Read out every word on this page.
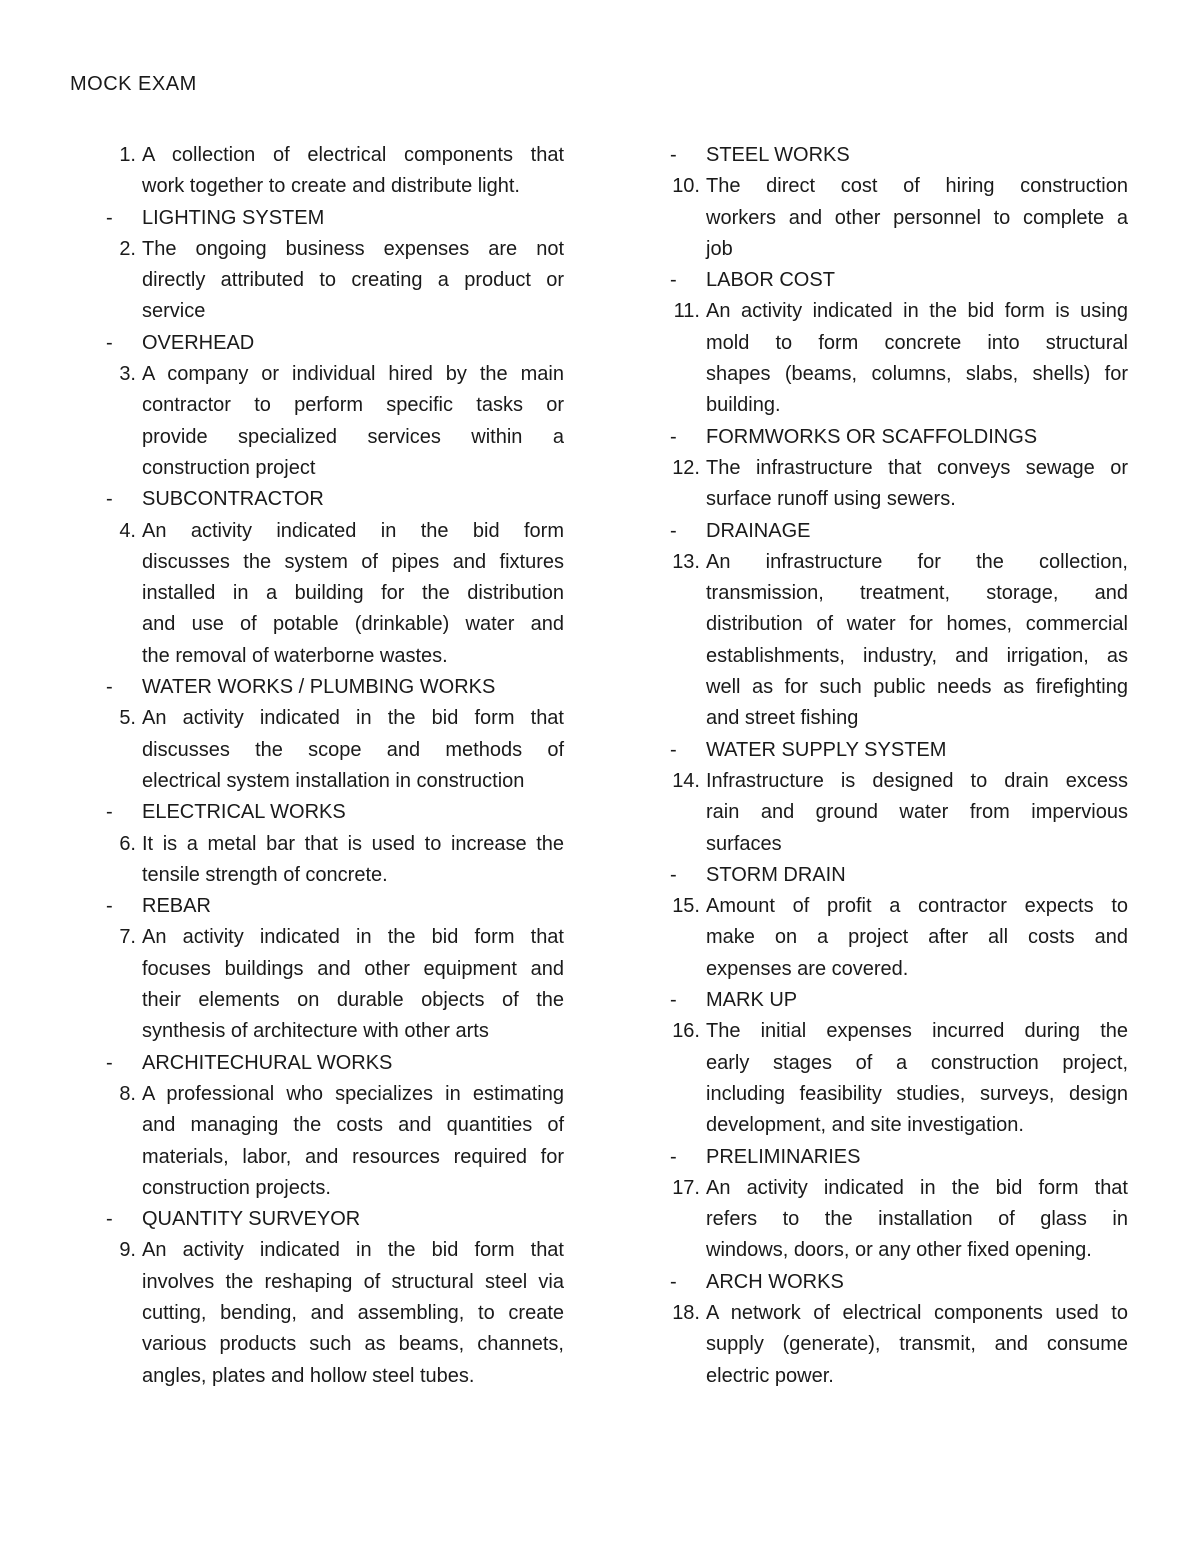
MOCK EXAM
1. A collection of electrical components that
work together to create and distribute light.
- LIGHTING SYSTEM
2. The ongoing business expenses are not
directly attributed to creating a product or
service
- OVERHEAD
3. A company or individual hired by the main
contractor to perform specific tasks or
provide specialized services within a
construction project
- SUBCONTRACTOR
4. An activity indicated in the bid form
discusses the system of pipes and fixtures
installed in a building for the distribution
and use of potable (drinkable) water and
the removal of waterborne wastes.
- WATER WORKS / PLUMBING WORKS
5. An activity indicated in the bid form that
discusses the scope and methods of
electrical system installation in construction
- ELECTRICAL WORKS
6. It is a metal bar that is used to increase the
tensile strength of concrete.
- REBAR
7. An activity indicated in the bid form that
focuses buildings and other equipment and
their elements on durable objects of the
synthesis of architecture with other arts
- ARCHITECHURAL WORKS
8. A professional who specializes in estimating
and managing the costs and quantities of
materials, labor, and resources required for
construction projects.
- QUANTITY SURVEYOR
9. An activity indicated in the bid form that
involves the reshaping of structural steel via
cutting, bending, and assembling, to create
various products such as beams, channets,
angles, plates and hollow steel tubes.
- STEEL WORKS
10. The direct cost of hiring construction
workers and other personnel to complete a
job
- LABOR COST
11. An activity indicated in the bid form is using
mold to form concrete into structural
shapes (beams, columns, slabs, shells) for
building.
- FORMWORKS OR SCAFFOLDINGS
12. The infrastructure that conveys sewage or
surface runoff using sewers.
- DRAINAGE
13. An infrastructure for the collection,
transmission, treatment, storage, and
distribution of water for homes, commercial
establishments, industry, and irrigation, as
well as for such public needs as firefighting
and street fishing
- WATER SUPPLY SYSTEM
14. Infrastructure is designed to drain excess
rain and ground water from impervious
surfaces
- STORM DRAIN
15. Amount of profit a contractor expects to
make on a project after all costs and
expenses are covered.
- MARK UP
16. The initial expenses incurred during the
early stages of a construction project,
including feasibility studies, surveys, design
development, and site investigation.
- PRELIMINARIES
17. An activity indicated in the bid form that
refers to the installation of glass in
windows, doors, or any other fixed opening.
- ARCH WORKS
18. A network of electrical components used to
supply (generate), transmit, and consume
electric power.
